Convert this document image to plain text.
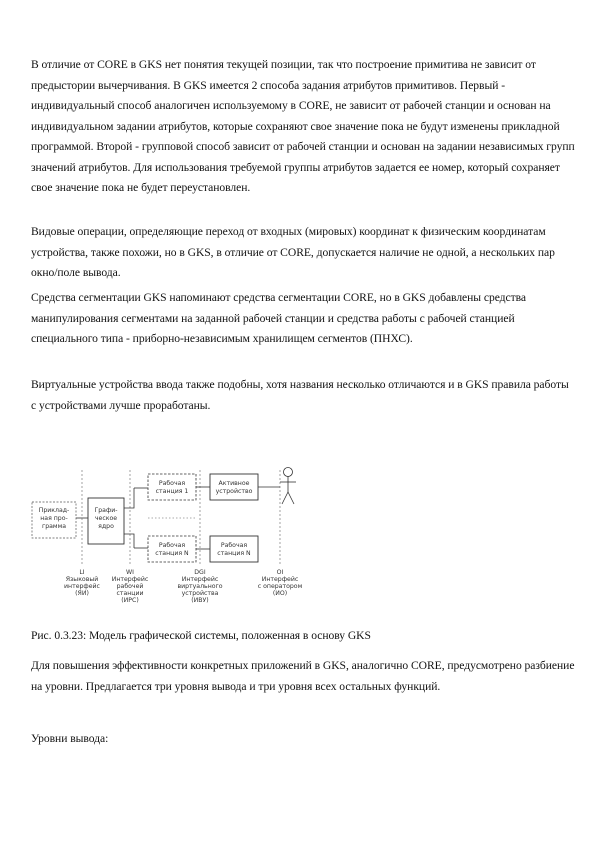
В отличие от CORE в GKS нет понятия текущей позиции, так что построение примитива не зависит от предыстории вычерчивания. В GKS имеется 2 способа задания атрибутов примитивов. Первый - индивидуальный способ аналогичен используемому в CORE, не зависит от рабочей станции и основан на индивидуальном задании атрибутов, которые сохраняют свое значение пока не будут изменены прикладной программой. Второй - групповой способ зависит от рабочей станции и основан на задании независимых групп значений атрибутов. Для использования требуемой группы атрибутов задается ее номер, который сохраняет свое значение пока не будет переустановлен.

Видовые операции, определяющие переход от входных (мировых) координат к физическим координатам устройства, также похожи, но в GKS, в отличие от CORE, допускается наличие не одной, а нескольких пар окно/поле вывода.

Средства сегментации GKS напоминают средства сегментации CORE, но в GKS добавлены средства манипулирования сегментами на заданной рабочей станции и средства работы с рабочей станцией специального типа - приборно-независимым хранилищем сегментов (ПНХС).

Виртуальные устройства ввода также подобны, хотя названия несколько отличаются и в GKS правила работы с устройствами лучше проработаны.

Приклад-
ная про-
грамма
Графи-
ческое
ядро
Рабочая
станция 1
Рабочая
станция N
Активное
устройство
Рабочая
станция N
LI
Языковый
интерфейс
(ЯИ)
WI
Интерфейс
рабочей
станции
(ИРС)
DGI
Интерфейс
виртуального
устройства
(ИВУ)
OI
Интерфейс
с оператором
(ИО)

Рис. 0.3.23: Модель графической системы, положенная в основу GKS

Для повышения эффективности конкретных приложений в GKS, аналогично CORE, предусмотрено разбиение на уровни. Предлагается три уровня вывода и три уровня всех остальных функций.

Уровни вывода:
